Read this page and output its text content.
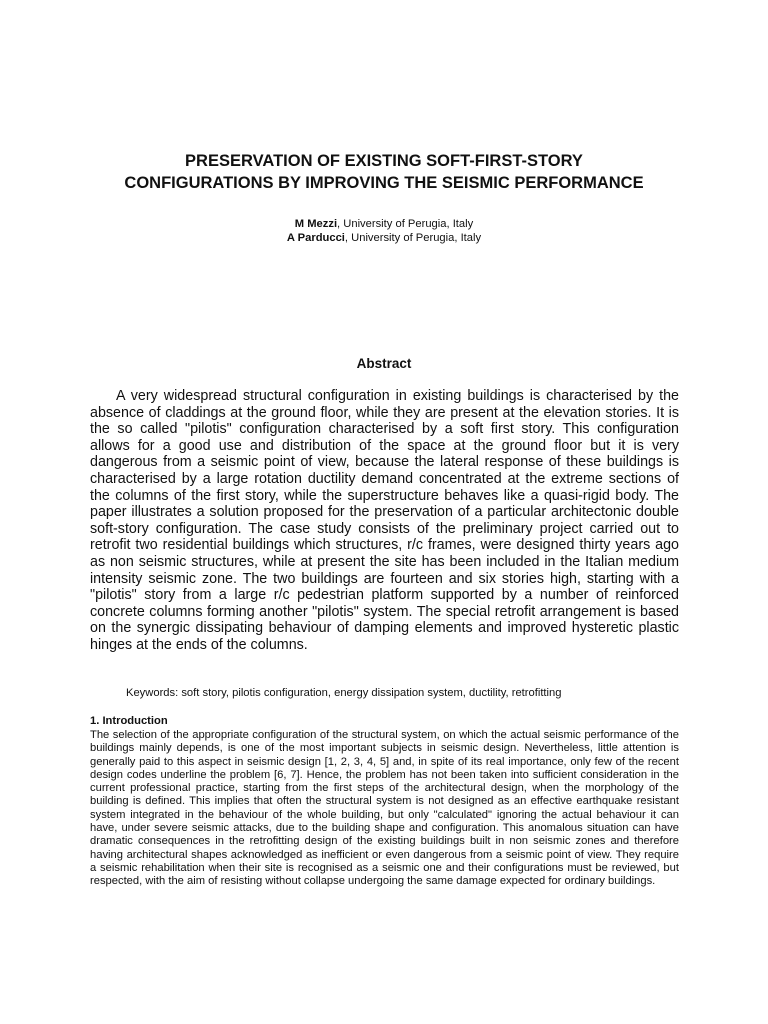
PRESERVATION OF EXISTING SOFT-FIRST-STORY
CONFIGURATIONS BY IMPROVING THE SEISMIC PERFORMANCE
M Mezzi, University of Perugia, Italy
A Parducci, University of Perugia, Italy
Abstract

A very widespread structural configuration in existing buildings is characterised by the absence of claddings at the ground floor, while they are present at the elevation stories. It is the so called "pilotis" configuration characterised by a soft first story. This configuration allows for a good use and distribution of the space at the ground floor but it is very dangerous from a seismic point of view, because the lateral response of these buildings is characterised by a large rotation ductility demand concentrated at the extreme sections of the columns of the first story, while the superstructure behaves like a quasi-rigid body. The paper illustrates a solution proposed for the preservation of a particular architectonic double soft-story configuration. The case study consists of the preliminary project carried out to retrofit two residential buildings which structures, r/c frames, were designed thirty years ago as non seismic structures, while at present the site has been included in the Italian medium intensity seismic zone. The two buildings are fourteen and six stories high, starting with a "pilotis" story from a large r/c pedestrian platform supported by a number of reinforced concrete columns forming another "pilotis" system. The special retrofit arrangement is based on the synergic dissipating behaviour of damping elements and improved hysteretic plastic hinges at the ends of the columns.

Keywords: soft story, pilotis configuration, energy dissipation system, ductility, retrofitting

1. Introduction

The selection of the appropriate configuration of the structural system, on which the actual seismic performance of the buildings mainly depends, is one of the most important subjects in seismic design. Nevertheless, little attention is generally paid to this aspect in seismic design [1, 2, 3, 4, 5] and, in spite of its real importance, only few of the recent design codes underline the problem [6, 7]. Hence, the problem has not been taken into sufficient consideration in the current professional practice, starting from the first steps of the architectural design, when the morphology of the building is defined. This implies that often the structural system is not designed as an effective earthquake resistant system integrated in the behaviour of the whole building, but only "calculated" ignoring the actual behaviour it can have, under severe seismic attacks, due to the building shape and configuration. This anomalous situation can have dramatic consequences in the retrofitting design of the existing buildings built in non seismic zones and therefore having architectural shapes acknowledged as inefficient or even dangerous from a seismic point of view. They require a seismic rehabilitation when their site is recognised as a seismic one and their configurations must be reviewed, but respected, with the aim of resisting without collapse undergoing the same damage expected for ordinary buildings.
